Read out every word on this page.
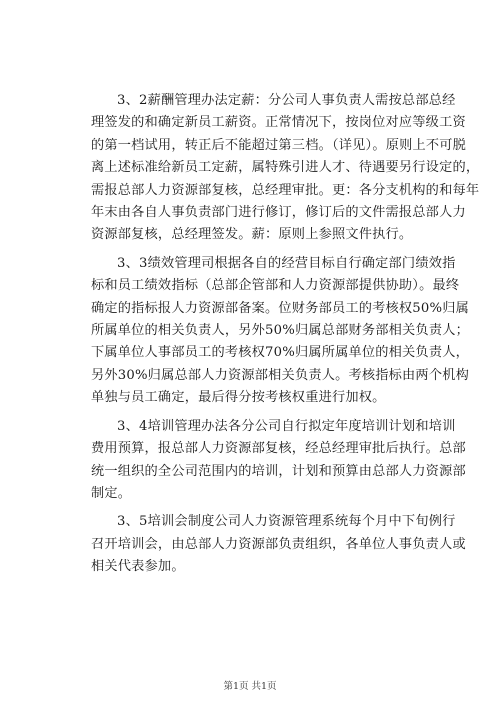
3、2薪酬管理办法定薪：分公司人事负责人需按总部总经
理签发的和确定新员工薪资。正常情况下，按岗位对应等级工资
的第一档试用，转正后不能超过第三档。（详见）。原则上不可脱
离上述标准给新员工定薪，属特殊引进人才、待遇要另行设定的，
需报总部人力资源部复核，总经理审批。更：各分支机构的和每年
年末由各自人事负责部门进行修订，修订后的文件需报总部人力
资源部复核，总经理签发。薪：原则上参照文件执行。

3、3绩效管理司根据各自的经营目标自行确定部门绩效指
标和员工绩效指标（总部企管部和人力资源部提供协助）。最终
确定的指标报人力资源部备案。位财务部员工的考核权50%归属
所属单位的相关负责人，另外50%归属总部财务部相关负责人；
下属单位人事部员工的考核权70%归属所属单位的相关负责人，
另外30%归属总部人力资源部相关负责人。考核指标由两个机构
单独与员工确定，最后得分按考核权重进行加权。

3、4培训管理办法各分公司自行拟定年度培训计划和培训
费用预算，报总部人力资源部复核，经总经理审批后执行。总部
统一组织的全公司范围内的培训，计划和预算由总部人力资源部
制定。

3、5培训会制度公司人力资源管理系统每个月中下旬例行
召开培训会，由总部人力资源部负责组织，各单位人事负责人或
相关代表参加。

第1页 共1页
